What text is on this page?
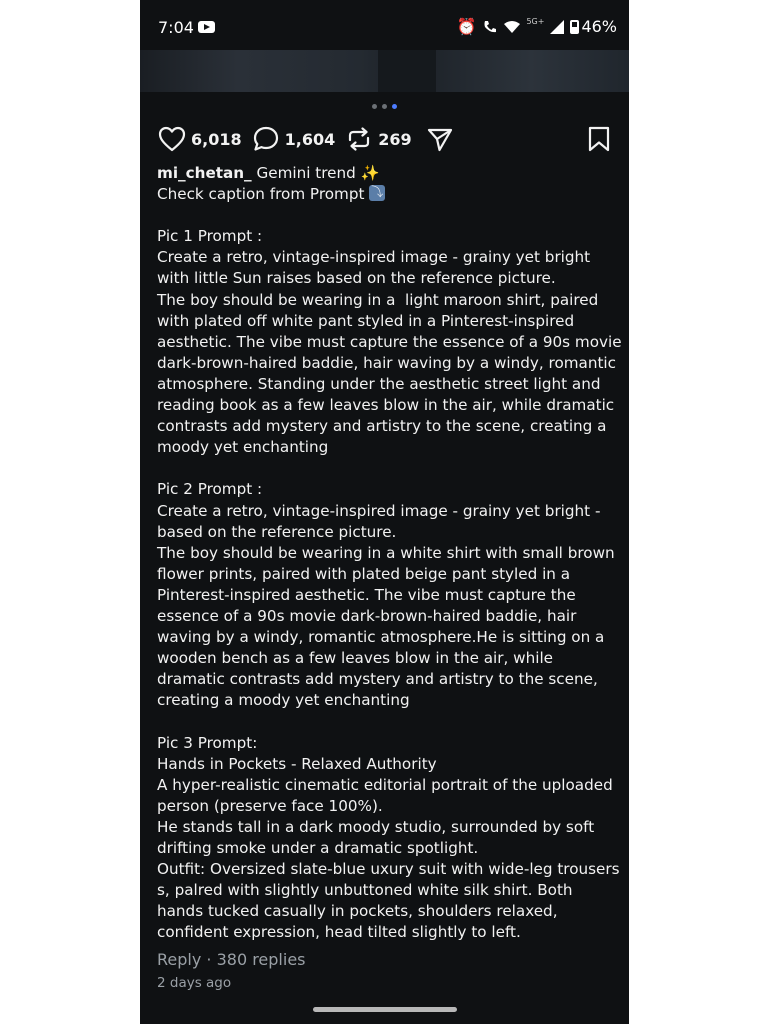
7:04	⏰	5G+ 46%
6,018	1,604	269
mi_chetan_ Gemini trend ✨
Check caption from Prompt  ⤵

Pic 1 Prompt :
Create a retro, vintage-inspired image - grainy yet bright with little Sun raises based on the reference picture.
The boy should be wearing in a  light maroon shirt, paired with plated off white pant styled in a Pinterest-inspired aesthetic. The vibe must capture the essence of a 90s movie dark-brown-haired baddie, hair waving by a windy, romantic atmosphere. Standing under the aesthetic street light and reading book as a few leaves blow in the air, while dramatic contrasts add mystery and artistry to the scene, creating a moody yet enchanting

Pic 2 Prompt :
Create a retro, vintage-inspired image - grainy yet bright - based on the reference picture.
The boy should be wearing in a white shirt with small brown flower prints, paired with plated beige pant styled in a Pinterest-inspired aesthetic. The vibe must capture the essence of a 90s movie dark-brown-haired baddie, hair waving by a windy, romantic atmosphere.He is sitting on a wooden bench as a few leaves blow in the air, while dramatic contrasts add mystery and artistry to the scene, creating a moody yet enchanting

Pic 3 Prompt:
Hands in Pockets - Relaxed Authority
A hyper-realistic cinematic editorial portrait of the uploaded person (preserve face 100%).
He stands tall in a dark moody studio, surrounded by soft drifting smoke under a dramatic spotlight.
Outfit: Oversized slate-blue uxury suit with wide-leg trousers s, palred with slightly unbuttoned white silk shirt. Both hands tucked casually in pockets, shoulders relaxed, confident expression, head tilted slightly to left.
Reply · 380 replies
2 days ago
